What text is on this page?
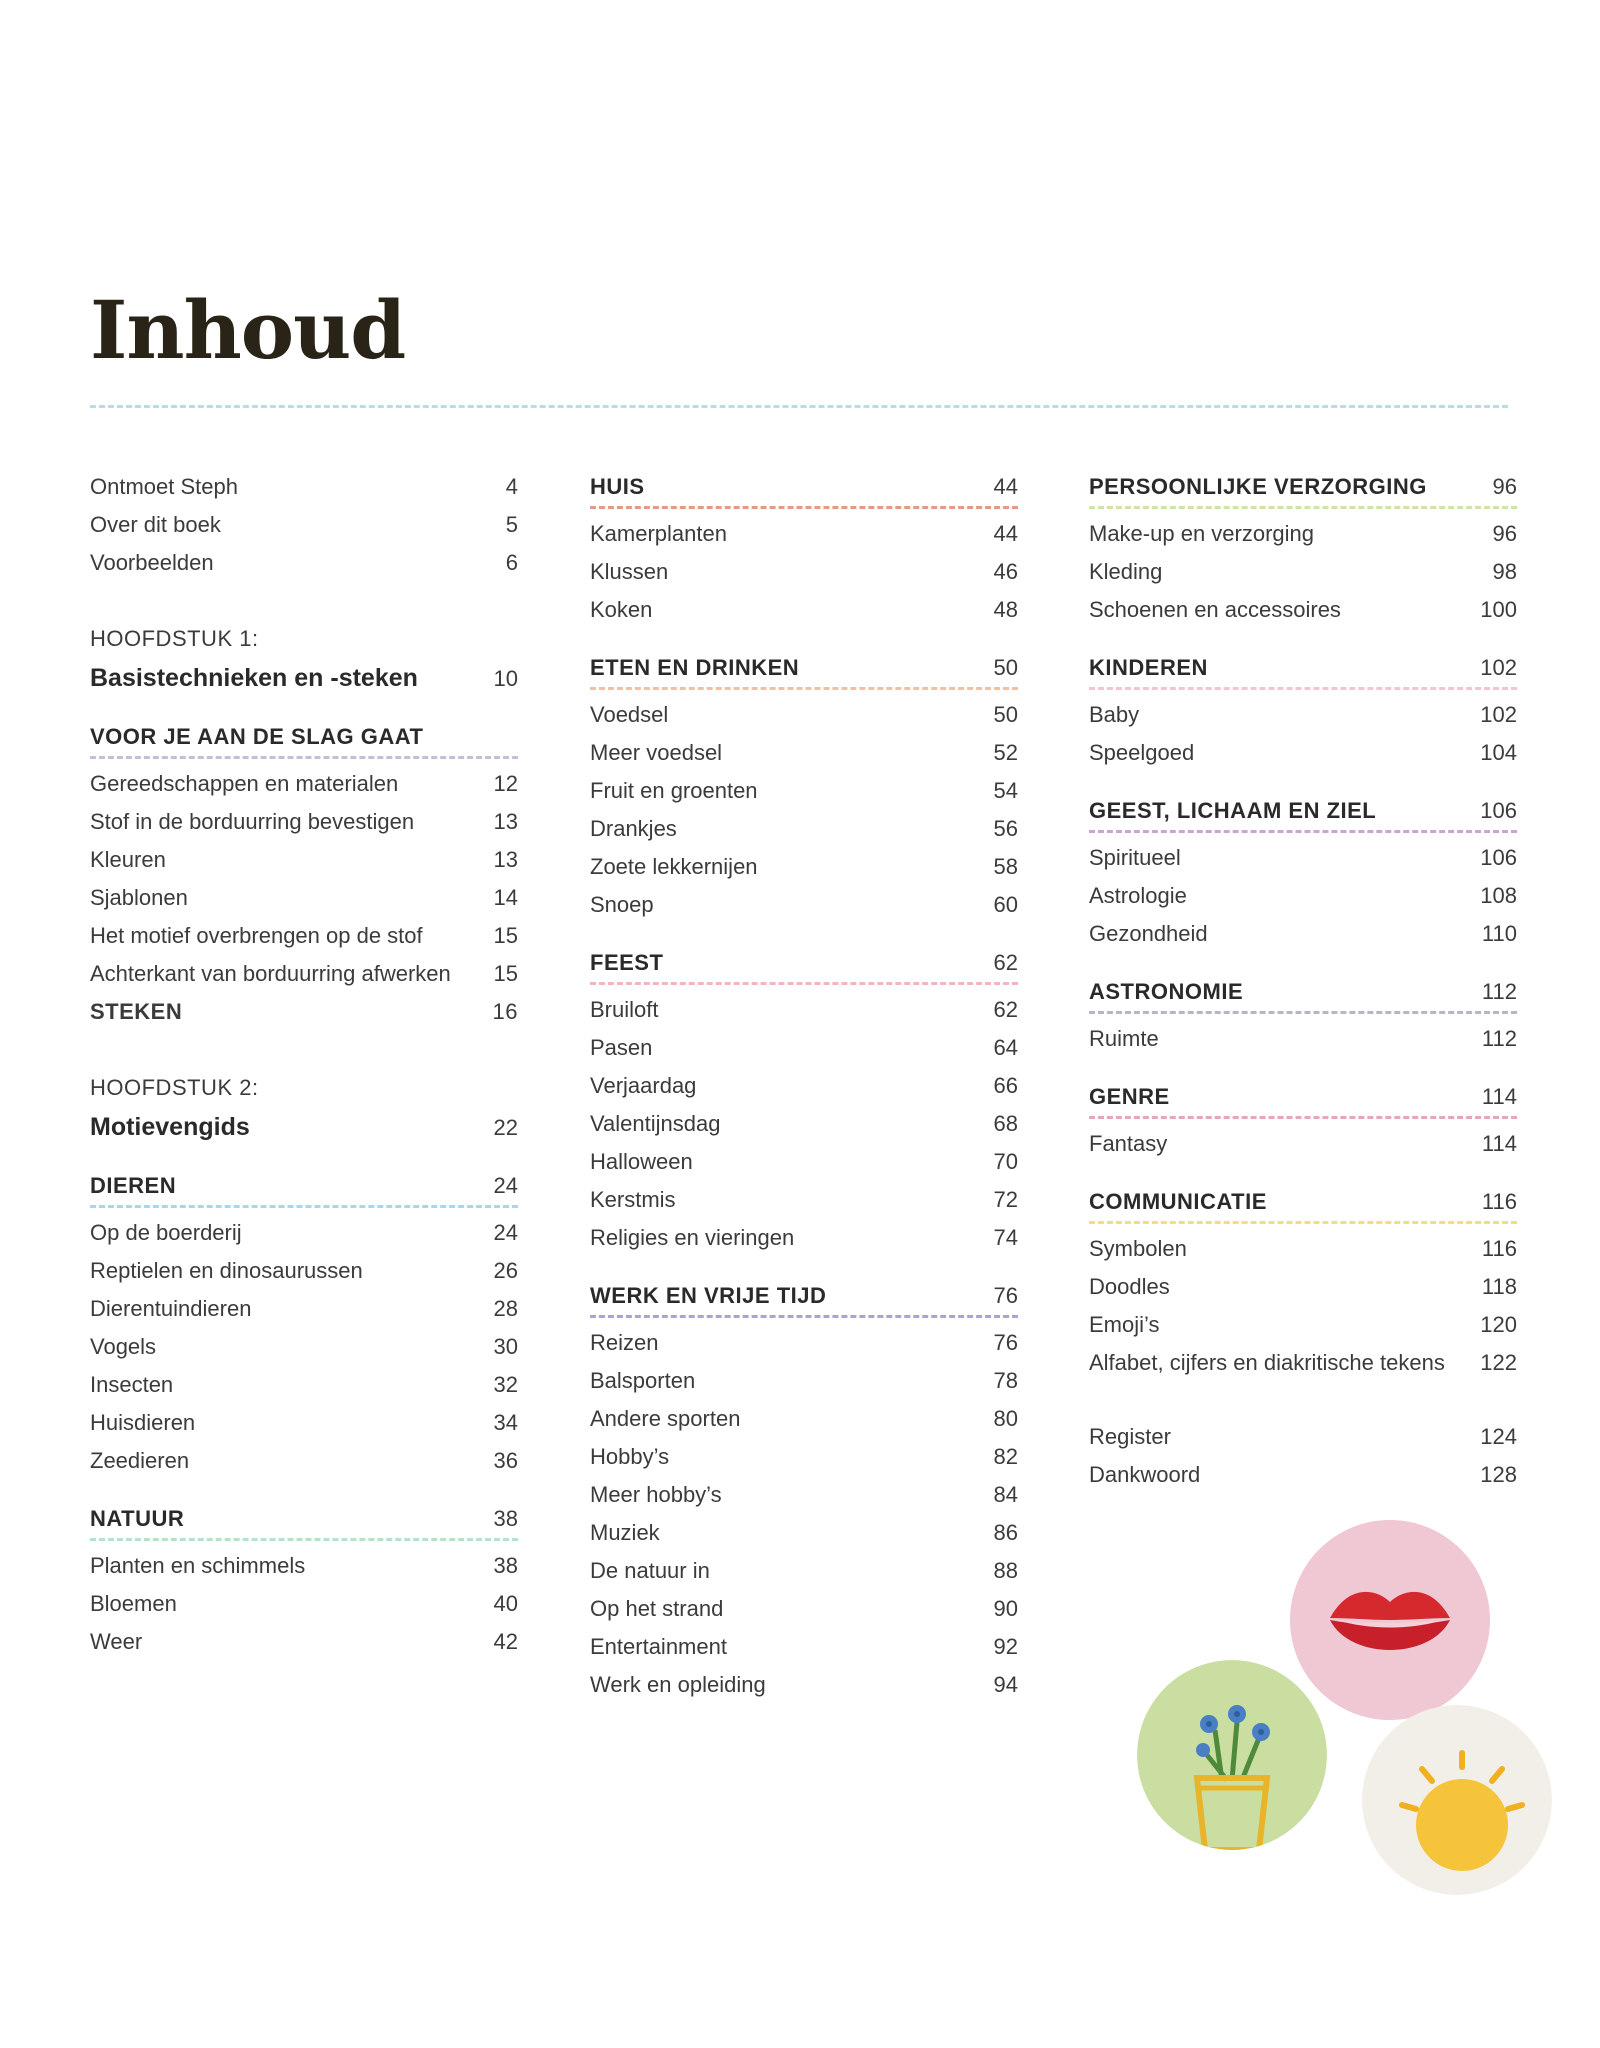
Inhoud
Ontmoet Steph	4
Over dit boek	5
Voorbeelden	6
HOOFDSTUK 1:
Basistechnieken en -steken	10
VOOR JE AAN DE SLAG GAAT
Gereedschappen en materialen	12
Stof in de borduurring bevestigen	13
Kleuren	13
Sjablonen	14
Het motief overbrengen op de stof	15
Achterkant van borduurring afwerken 15
STEKEN	16
HOOFDSTUK 2:
Motievengids	22
DIEREN	24
Op de boerderij	24
Reptielen en dinosaurussen	26
Dierentuindieren	28
Vogels	30
Insecten	32
Huisdieren	34
Zeedieren	36
NATUUR	38
Planten en schimmels	38
Bloemen	40
Weer	42
HUIS	44
Kamerplanten	44
Klussen	46
Koken	48
ETEN EN DRINKEN	50
Voedsel	50
Meer voedsel	52
Fruit en groenten	54
Drankjes	56
Zoete lekkernijen	58
Snoep	60
FEEST	62
Bruiloft	62
Pasen	64
Verjaardag	66
Valentijnsdag	68
Halloween	70
Kerstmis	72
Religies en vieringen	74
WERK EN VRIJE TIJD	76
Reizen	76
Balsporten	78
Andere sporten	80
Hobby’s	82
Meer hobby’s	84
Muziek	86
De natuur in	88
Op het strand	90
Entertainment	92
Werk en opleiding	94
PERSOONLIJKE VERZORGING	96
Make-up en verzorging	96
Kleding	98
Schoenen en accessoires	100
KINDEREN	102
Baby	102
Speelgoed	104
GEEST, LICHAAM EN ZIEL	106
Spiritueel	106
Astrologie	108
Gezondheid	110
ASTRONOMIE	112
Ruimte	112
GENRE	114
Fantasy	114
COMMUNICATIE	116
Symbolen	116
Doodles	118
Emoji’s	120
Alfabet, cijfers en diakritische tekens 122
Register	124
Dankwoord	128
